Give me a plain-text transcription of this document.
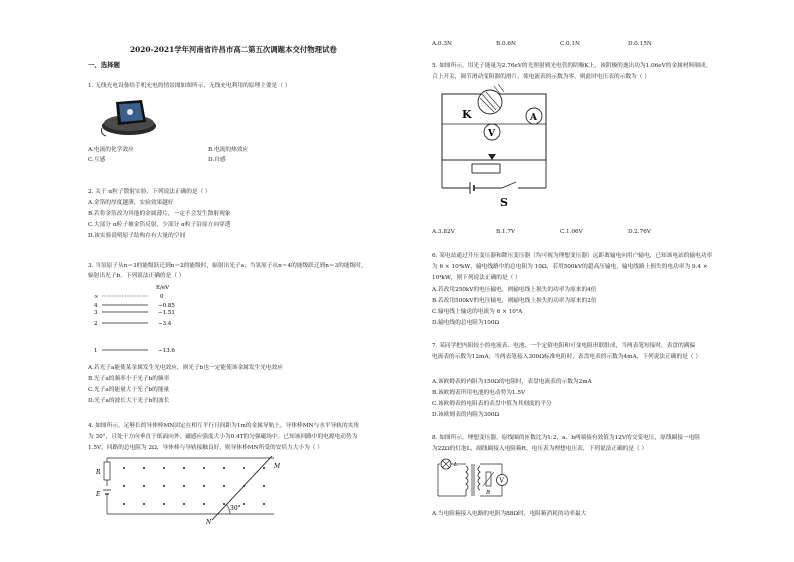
2020-2021学年河南省许昌市高二第五次调题本交付物理试卷
一、选择题
1. 无线充电设备给手机充电的情景图如图所示，无线充电利用的原理主要是（ ）
A.电流的化学效应	B.电流的热效应
C.互感	D.自感
2. 关于 α粒子散射实验，下列说法正确的是（ ）
A.金箔的厚度越薄，实验效果越好
B.若将金箔改为其他的金属薄片，一定不会发生散射现象
C.大部分 α粒子被金箔反射，少部分 α粒子沿原方向穿透
D.该实验说明原子结构存有大量的空间
3. 当氢原子从n＝3的能级跃迁到n＝2的能级时，辐射出光子a；当氢原子从n＝4的能级跃迁到n＝3的能级时，
辐射出光子b，下列说法正确的是（ ）
E/eV
∞	0
4	−0.85
3	−1.51
2	−3.4
1	−13.6
A.若光子a能使某金属发生光电效应，则光子b也一定能使该金属发生光电效应
B.光子a的频率小于光子b的频率
C.光子a的能量大于光子b的能量
D.光子a的波长大于光子b的波长
4. 如图所示，足够长的导体棒MN固定在相互平行且间距为1m的金属导轨上，导体棒MN与水平导轨的夹角
为 30°，且处于方向垂直于纸面向外、磁感应强度大小为0.4T的匀强磁场中。已知该回路中的电源电动势为
1.5V，回路的总电阻为 2Ω，导体棒与导轨接触良好，则导体棒MN所受的安培力大小为（ ）
R
E
30°
M
N
A.0.3N	B.0.6N	C.0.1N	D.0.15N
5. 如图所示，用光子能量为2.76eV的光照射到光电管的阴极K上，该阴极的逸出功为1.06eV的金属材料制成。
合上开关，调节滑动变阻器的滑片，使电流表的示数为零，则此时电压表的示数为（ ）
K
V
A
S
A.3.82V	B.1.7V	C.1.06V	D.2.76V
6. 某电站通过升压变压器和降压变压器（均可视为理想变压器）远距离输电向用户输电，已知该电站的输电功率
为 6 × 10⁴kW，输电线路中的总电阻为 10Ω，若用500kV的超高压输电，输电线路上损失的电功率为 9.4 ×
10⁴kW，则下列说法正确的是（ ）
A.若改用250kV的电压输电，则输电线上损失的功率为原来的4倍
B.若改用500kV的电压输电，则输电线上损失的功率为原来的2倍
C.输电线上输送的电流为 6 × 10³A
D.输电线的总电阻为100Ω
7. 某同学把内阻较小的电流表、电池、一个定值电阻和可变电阻串联组成，当两表笔短接时，表盘的满偏
电流表的示数为12mA；当两表笔接入300Ω标准电阻时，表盘电表的示数为4mA，下列说法正确的是（ ）
A.该欧姆表的内阻为150Ω的电阻时，表盘电流表的示数为2mA
B.该欧姆表所用电池的电动势为1.5V
C.该欧姆表的电阻表的表盘中值为其刻度的平分
D.该欧姆表的内阻为300Ω
8. 如图所示，理想变压器，原线圈的匝数比为1:2，a、b两端接有效值为12V的交变电压，原线圈接一电阻
为22Ω的灯泡L，副线圈接入电阻箱R，电压表为理想电压表，下列说法正确的是（ ）
L
R
V
A.当电阻箱接入电路的电阻为88Ω时，电阻箱消耗的功率最大
